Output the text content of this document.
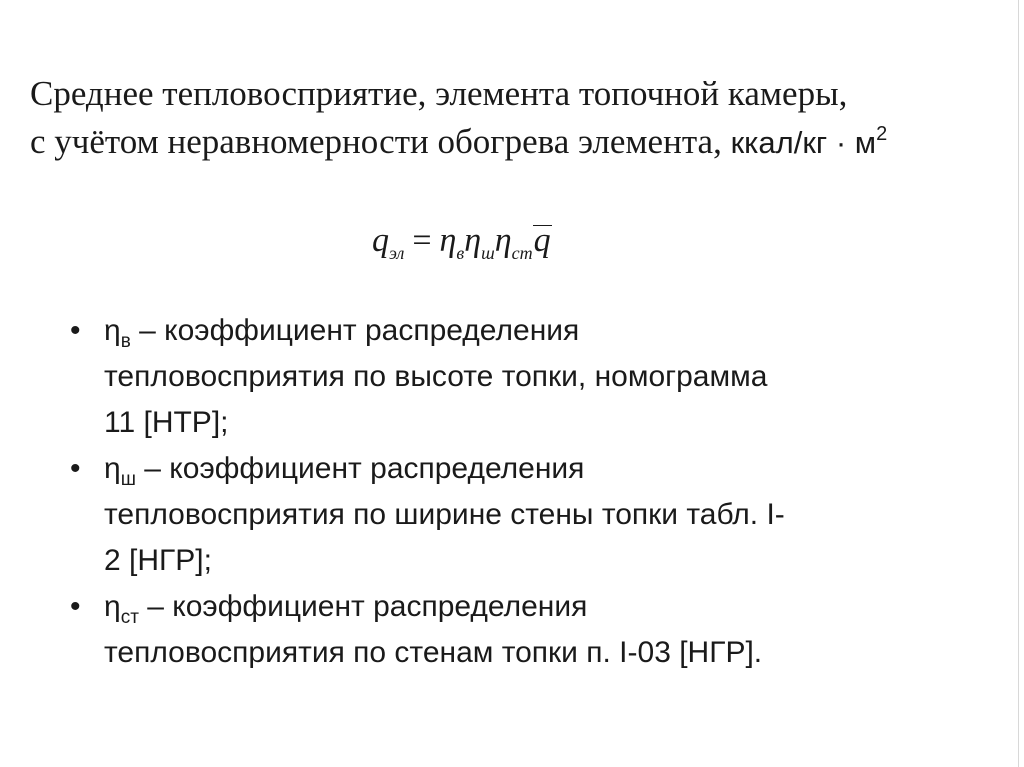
Среднее тепловосприятие, элемента топочной камеры,
с учётом неравномерности обогрева элемента, ккал/кг · $м^2$
$q_{эл} = \eta_в\eta_ш\eta_{ст}q$
• $\eta_в$ – коэффициент распределения
тепловосприятия по высоте топки, номограмма
11 [НТР];
• $\eta_ш$ – коэффициент распределения
тепловосприятия по ширине стены топки табл. I-
2 [НГР];
• $\eta_{ст}$ – коэффициент распределения
тепловосприятия по стенам топки п. I-03 [НГР].
